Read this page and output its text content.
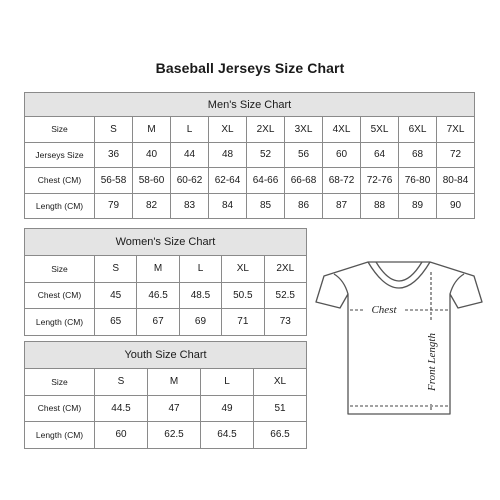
Baseball Jerseys Size Chart
Men's Size Chart										
Size	S	M	L	XL	2XL	3XL	4XL	5XL	6XL	7XL
Jerseys Size	36	40	44	48	52	56	60	64	68	72
Chest (CM)	56-58	58-60	60-62	62-64	64-66	66-68	68-72	72-76	76-80	80-84
Length (CM)	79	82	83	84	85	86	87	88	89	90
Women's Size Chart					
Size	S	M	L	XL	2XL
Chest (CM)	45	46.5	48.5	50.5	52.5
Length (CM)	65	67	69	71	73
Youth Size Chart				
Size	S	M	L	XL
Chest (CM)	44.5	47	49	51
Length (CM)	60	62.5	64.5	66.5
Chest
Front Length
